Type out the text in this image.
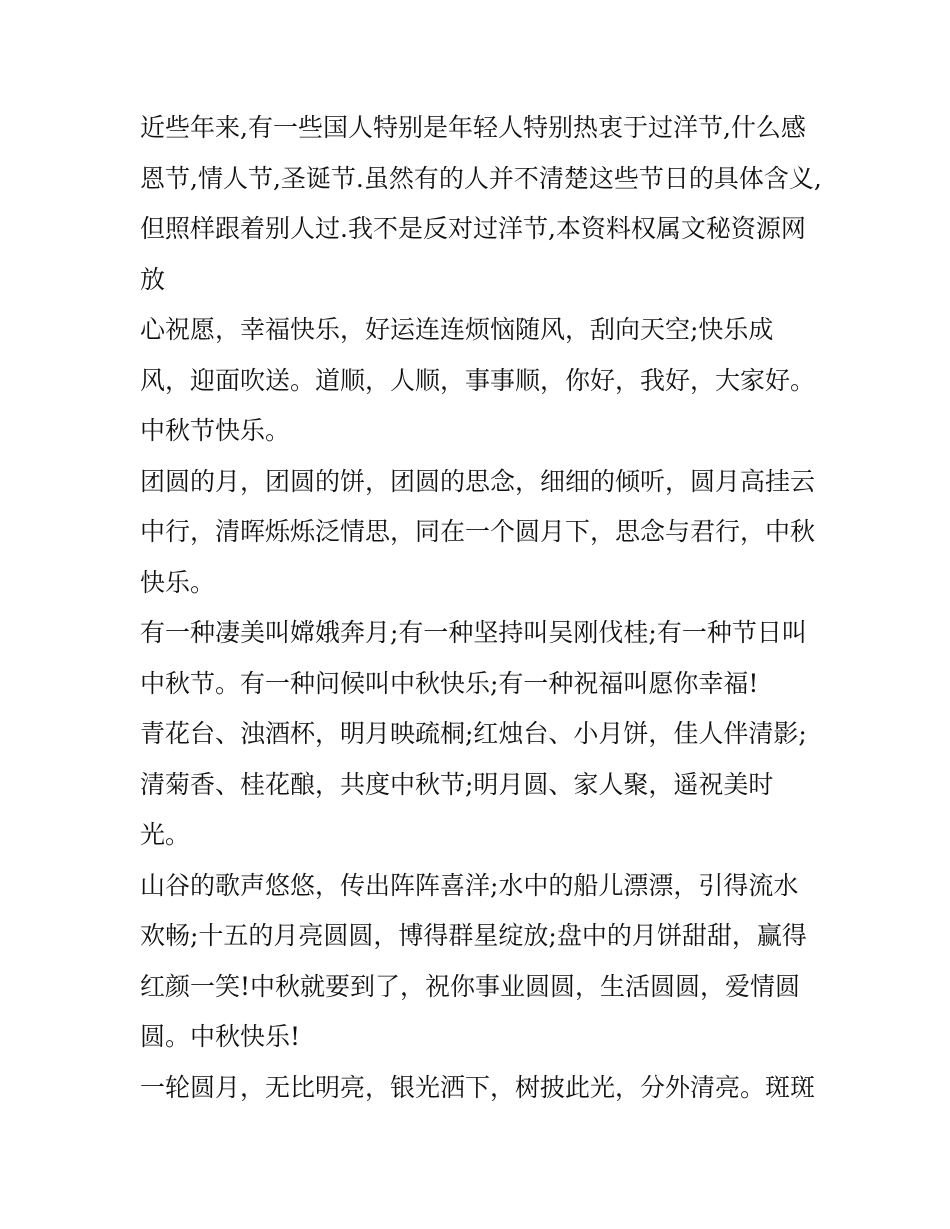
近些年来,有一些国人特别是年轻人特别热衷于过洋节,什么感
恩节,情人节,圣诞节.虽然有的人并不清楚这些节日的具体含义,
但照样跟着别人过.我不是反对过洋节,本资料权属文秘资源网
放
心祝愿，幸福快乐，好运连连烦恼随风，刮向天空;快乐成
风，迎面吹送。道顺，人顺，事事顺，你好，我好，大家好。
中秋节快乐。
团圆的月，团圆的饼，团圆的思念，细细的倾听，圆月高挂云
中行，清晖烁烁泛情思，同在一个圆月下，思念与君行，中秋
快乐。
有一种凄美叫嫦娥奔月;有一种坚持叫吴刚伐桂;有一种节日叫
中秋节。有一种问候叫中秋快乐;有一种祝福叫愿你幸福!
青花台、浊酒杯，明月映疏桐;红烛台、小月饼，佳人伴清影;
清菊香、桂花酿，共度中秋节;明月圆、家人聚，遥祝美时
光。
山谷的歌声悠悠，传出阵阵喜洋;水中的船儿漂漂，引得流水
欢畅;十五的月亮圆圆，博得群星绽放;盘中的月饼甜甜，赢得
红颜一笑!中秋就要到了，祝你事业圆圆，生活圆圆，爱情圆
圆。中秋快乐!
一轮圆月，无比明亮，银光洒下，树披此光，分外清亮。斑斑
